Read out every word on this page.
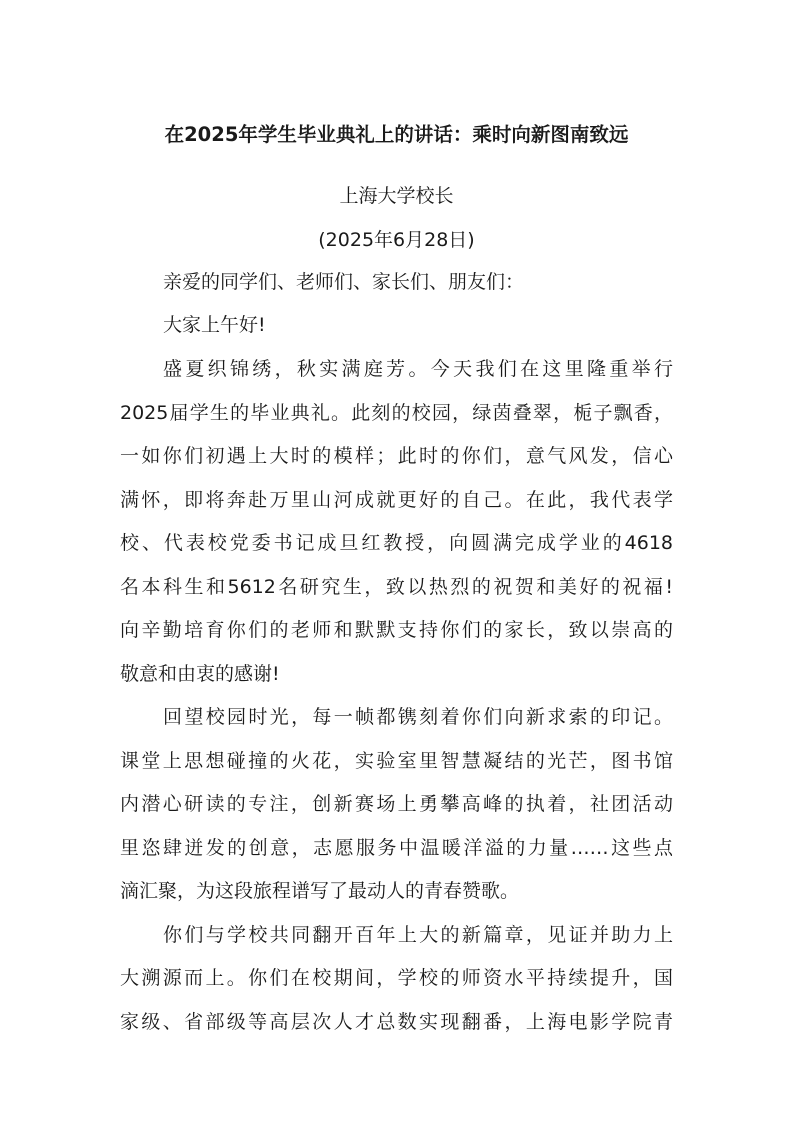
在2025年学生毕业典礼上的讲话：乘时向新图南致远
上海大学校长
(2025年6月28日)
亲爱的同学们、老师们、家长们、朋友们：
大家上午好!
盛夏织锦绣，秋实满庭芳。今天我们在这里隆重举行
2025届学生的毕业典礼。此刻的校园，绿茵叠翠，栀子飘香，
一如你们初遇上大时的模样；此时的你们，意气风发，信心
满怀，即将奔赴万里山河成就更好的自己。在此，我代表学
校、代表校党委书记成旦红教授，向圆满完成学业的4618
名本科生和5612名研究生，致以热烈的祝贺和美好的祝福!
向辛勤培育你们的老师和默默支持你们的家长，致以崇高的
敬意和由衷的感谢!
回望校园时光，每一帧都镌刻着你们向新求索的印记。
课堂上思想碰撞的火花，实验室里智慧凝结的光芒，图书馆
内潜心研读的专注，创新赛场上勇攀高峰的执着，社团活动
里恣肆迸发的创意，志愿服务中温暖洋溢的力量……这些点
滴汇聚，为这段旅程谱写了最动人的青春赞歌。
你们与学校共同翻开百年上大的新篇章，见证并助力上
大溯源而上。你们在校期间，学校的师资水平持续提升，国
家级、省部级等高层次人才总数实现翻番，上海电影学院青
